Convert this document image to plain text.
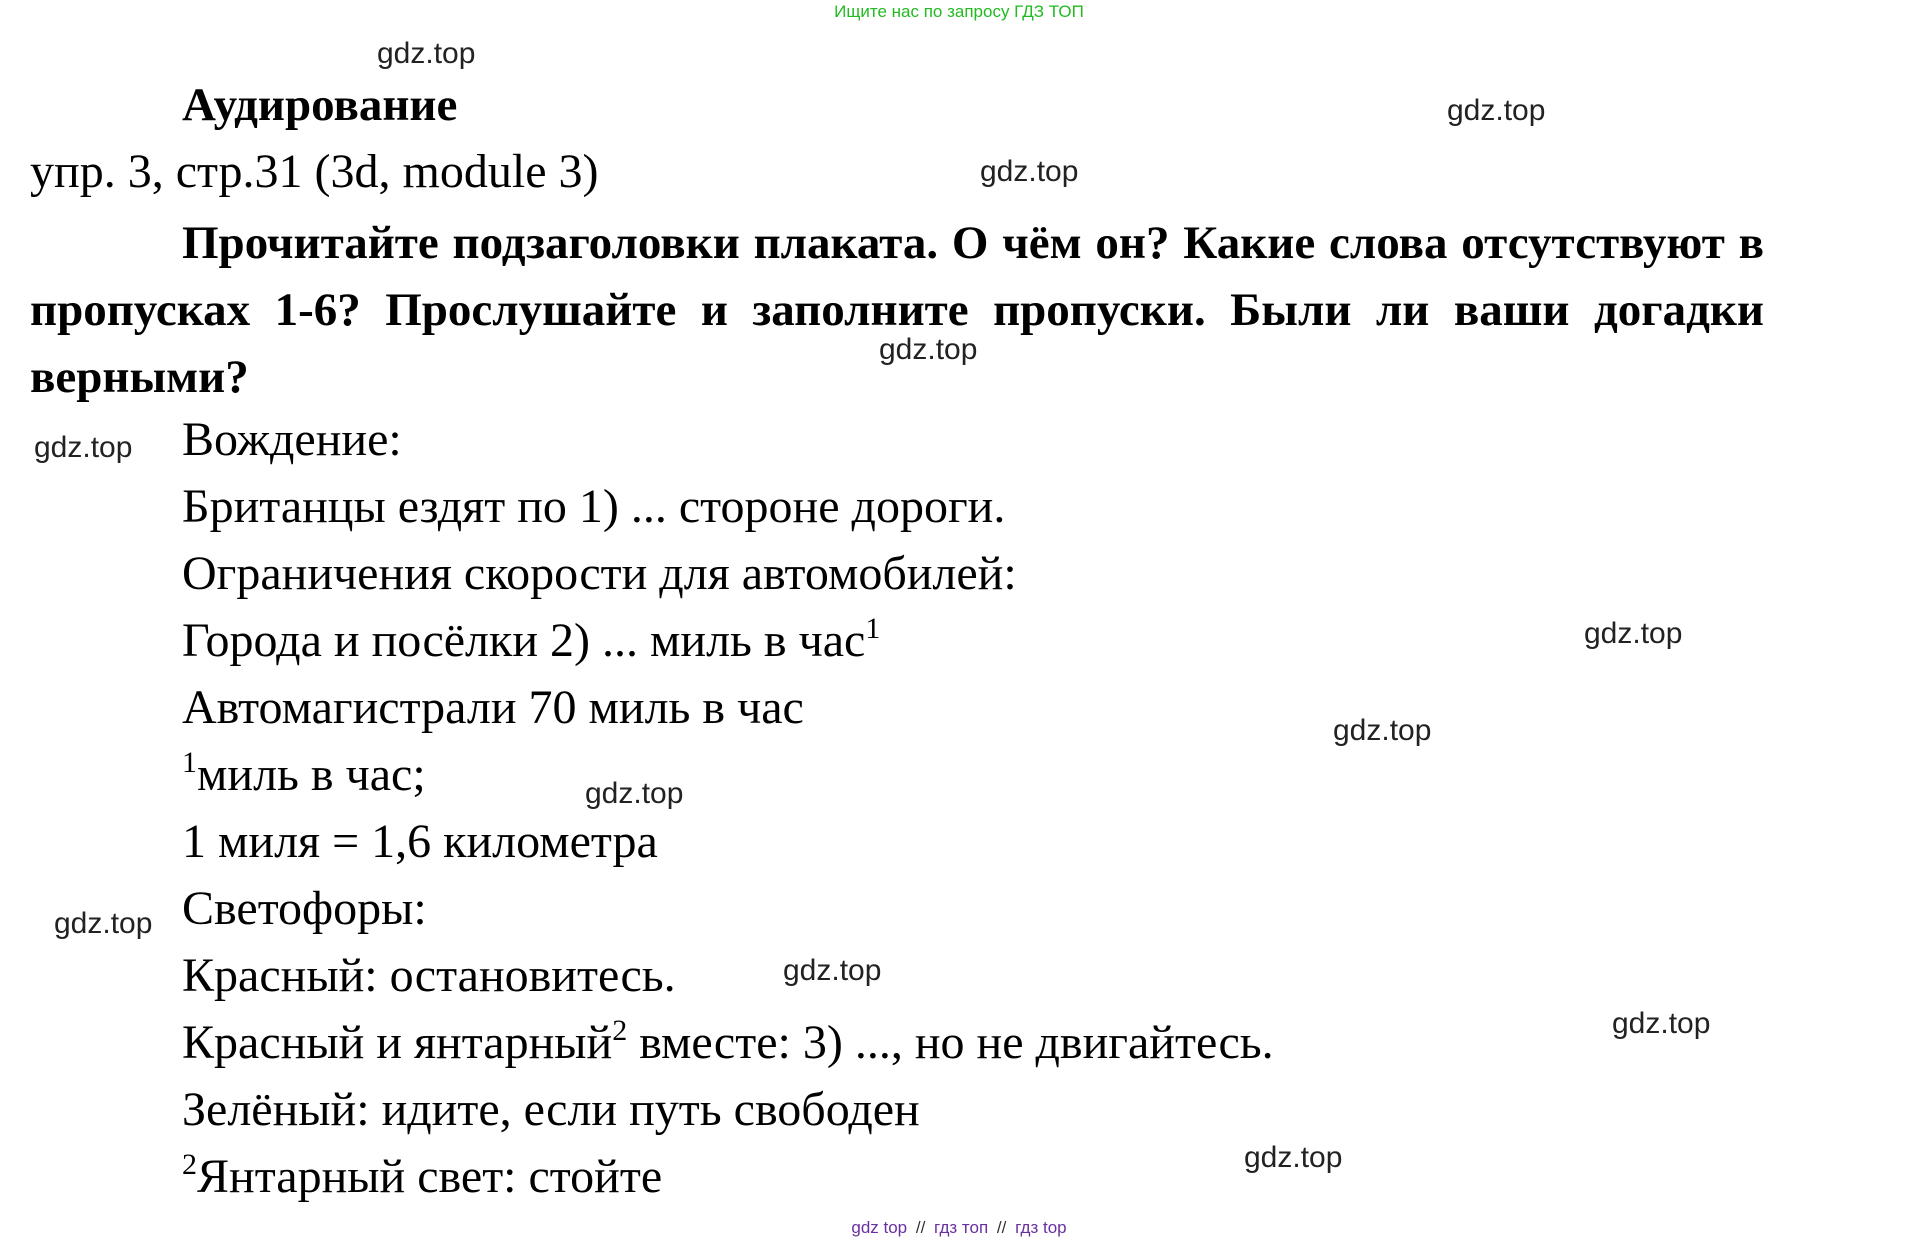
Ищите нас по запросу ГДЗ ТОП
gdz.top
gdz.top
gdz.top
gdz.top
gdz.top
gdz.top
gdz.top
gdz.top
gdz.top
gdz.top
gdz.top
gdz.top
Аудирование
упр. 3, стр.31 (3d, module 3)
Прочитайте подзаголовки плаката. О чём он? Какие слова отсутствуют в пропусках 1-6? Прослушайте и заполните пропуски. Были ли ваши догадки верными?
Вождение:
Британцы ездят по 1) ... стороне дороги.
Ограничения скорости для автомобилей:
Города и посёлки 2) ... миль в час$^1$
Автомагистрали 70 миль в час
$^1$миль в час;
1 миля = 1,6 километра
Светофоры:
Красный: остановитесь.
Красный и янтарный$^2$ вместе: 3) ..., но не двигайтесь.
Зелёный: идите, если путь свободен
$^2$Янтарный свет: стойте
gdz top // гдз топ // гдз top
